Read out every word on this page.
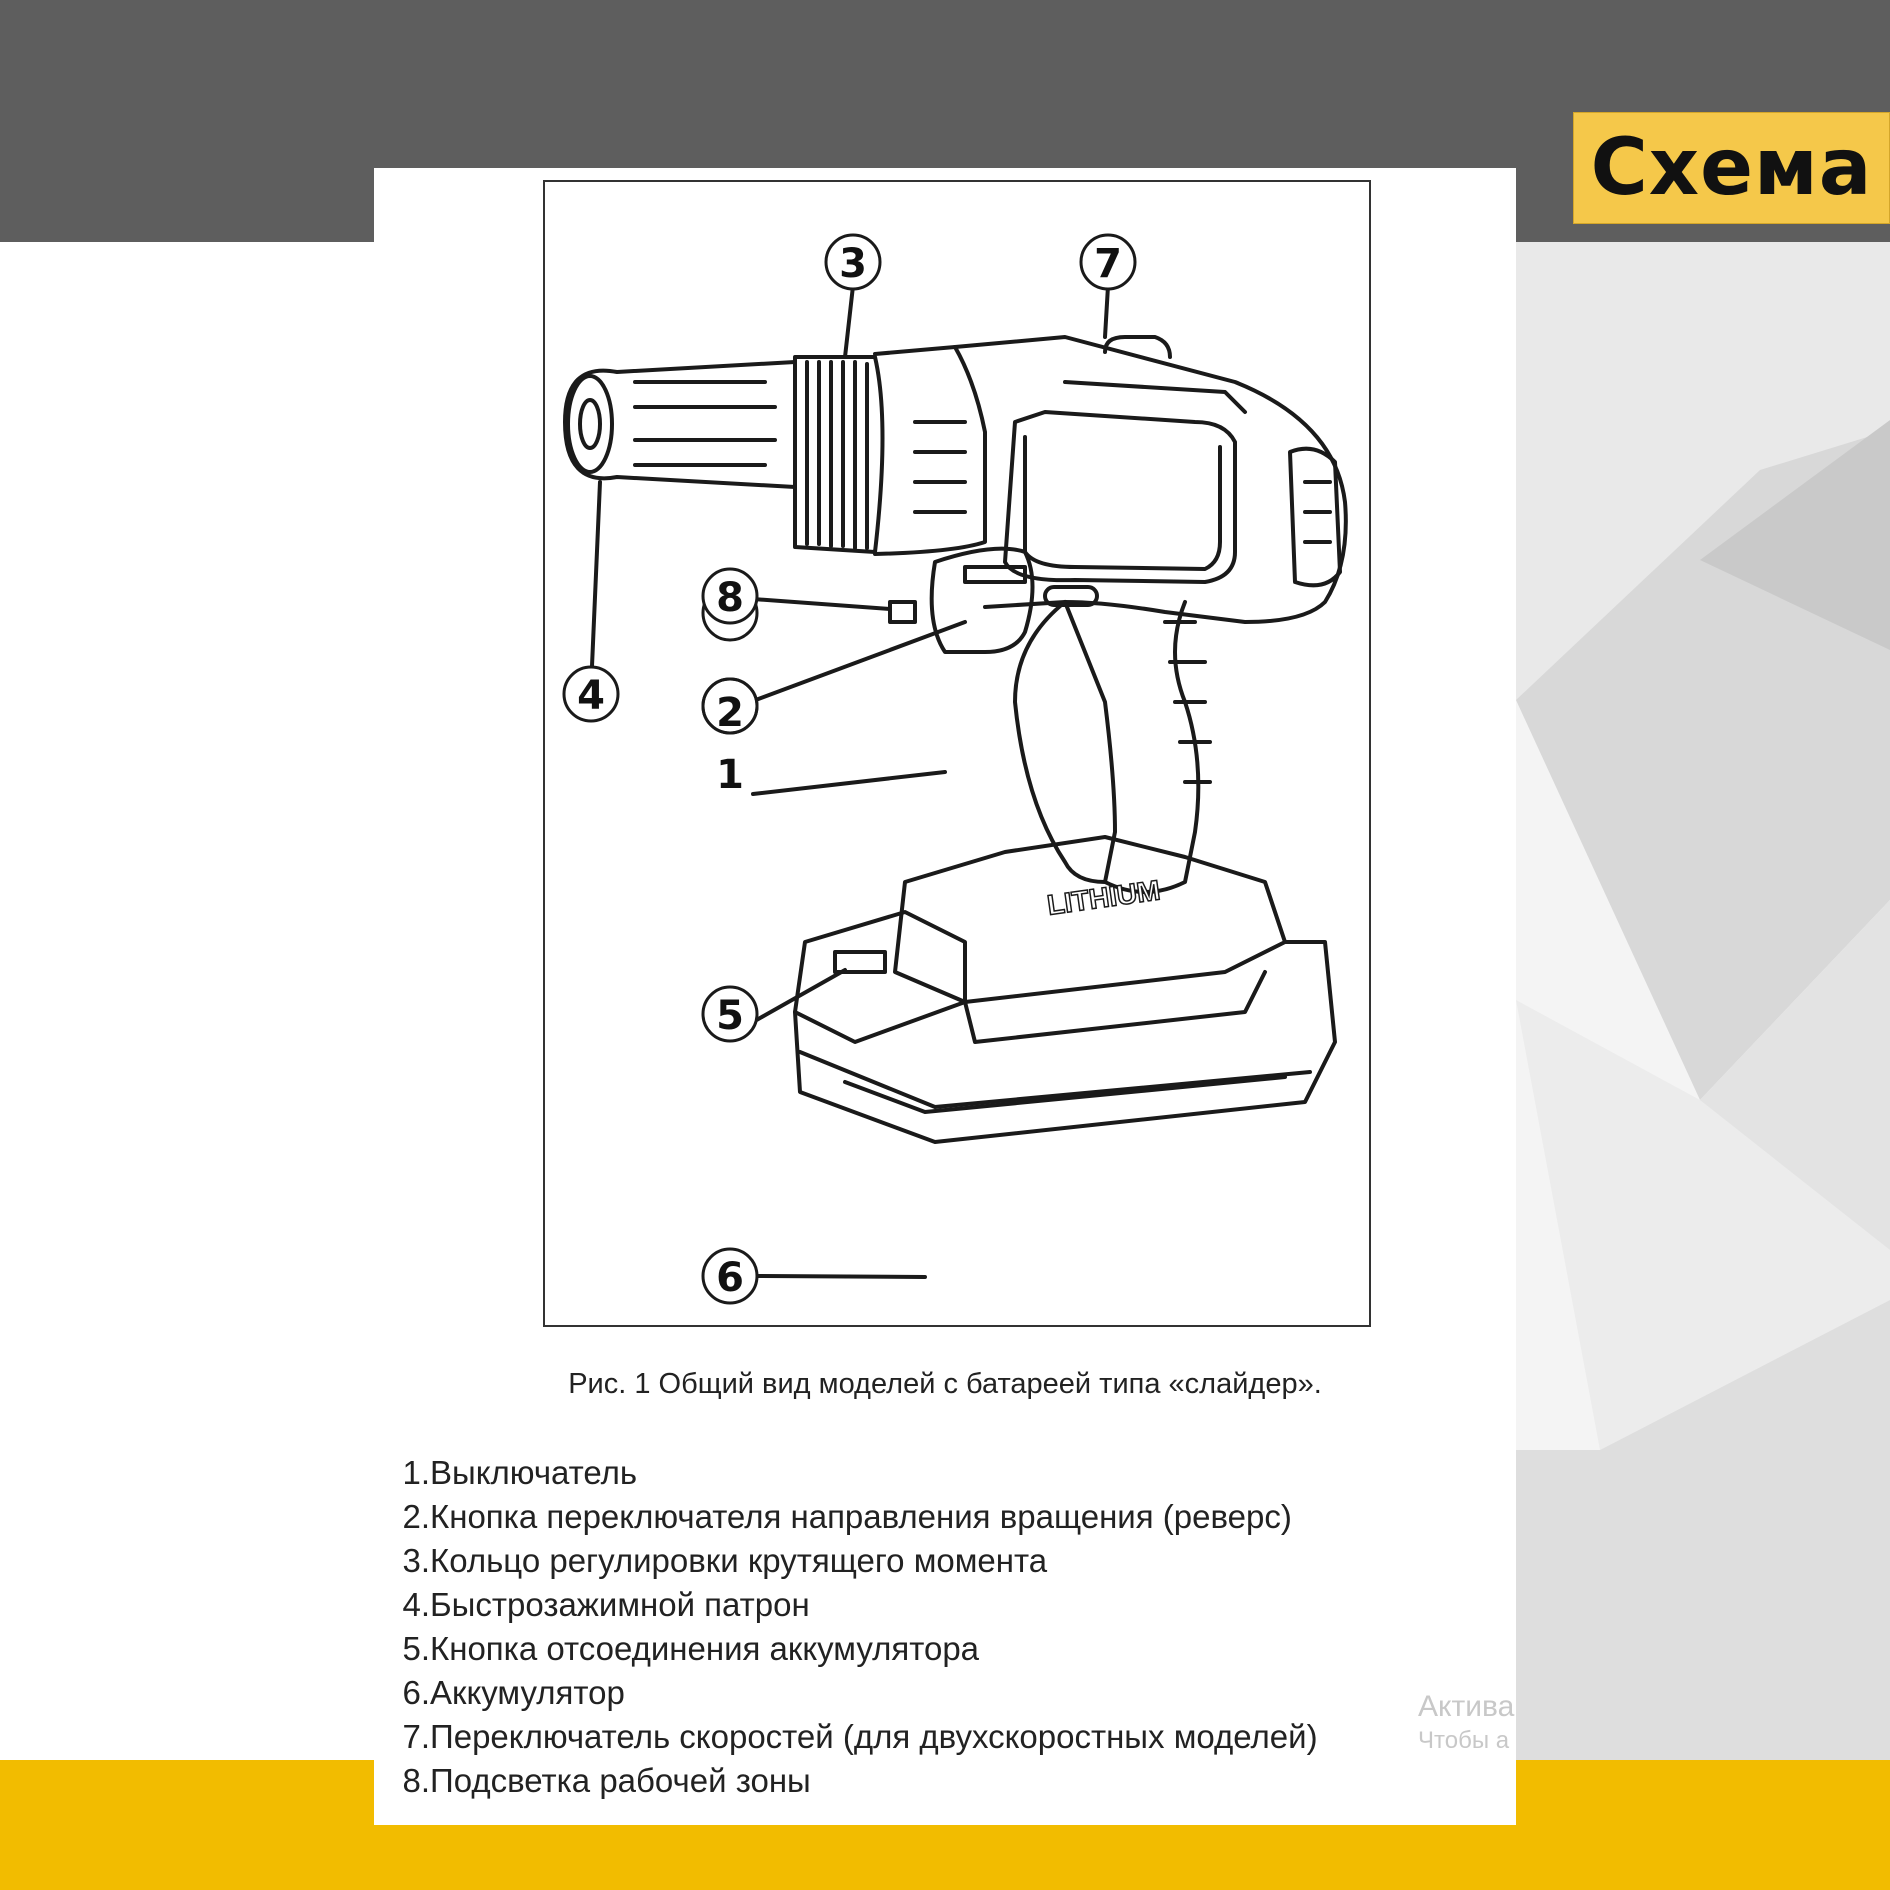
Схема
1
2
3
4
5
6
7
8
LITHIUM
Рис. 1 Общий вид моделей с батареей типа «слайдер».
1.Выключатель
2.Кнопка переключателя направления вращения (реверс)
3.Кольцо регулировки крутящего момента
4.Быстрозажимной патрон
5.Кнопка отсоединения аккумулятора
6.Аккумулятор
7.Переключатель скоростей (для двухскоростных моделей)
8.Подсветка рабочей зоны
Актива
Чтобы а
